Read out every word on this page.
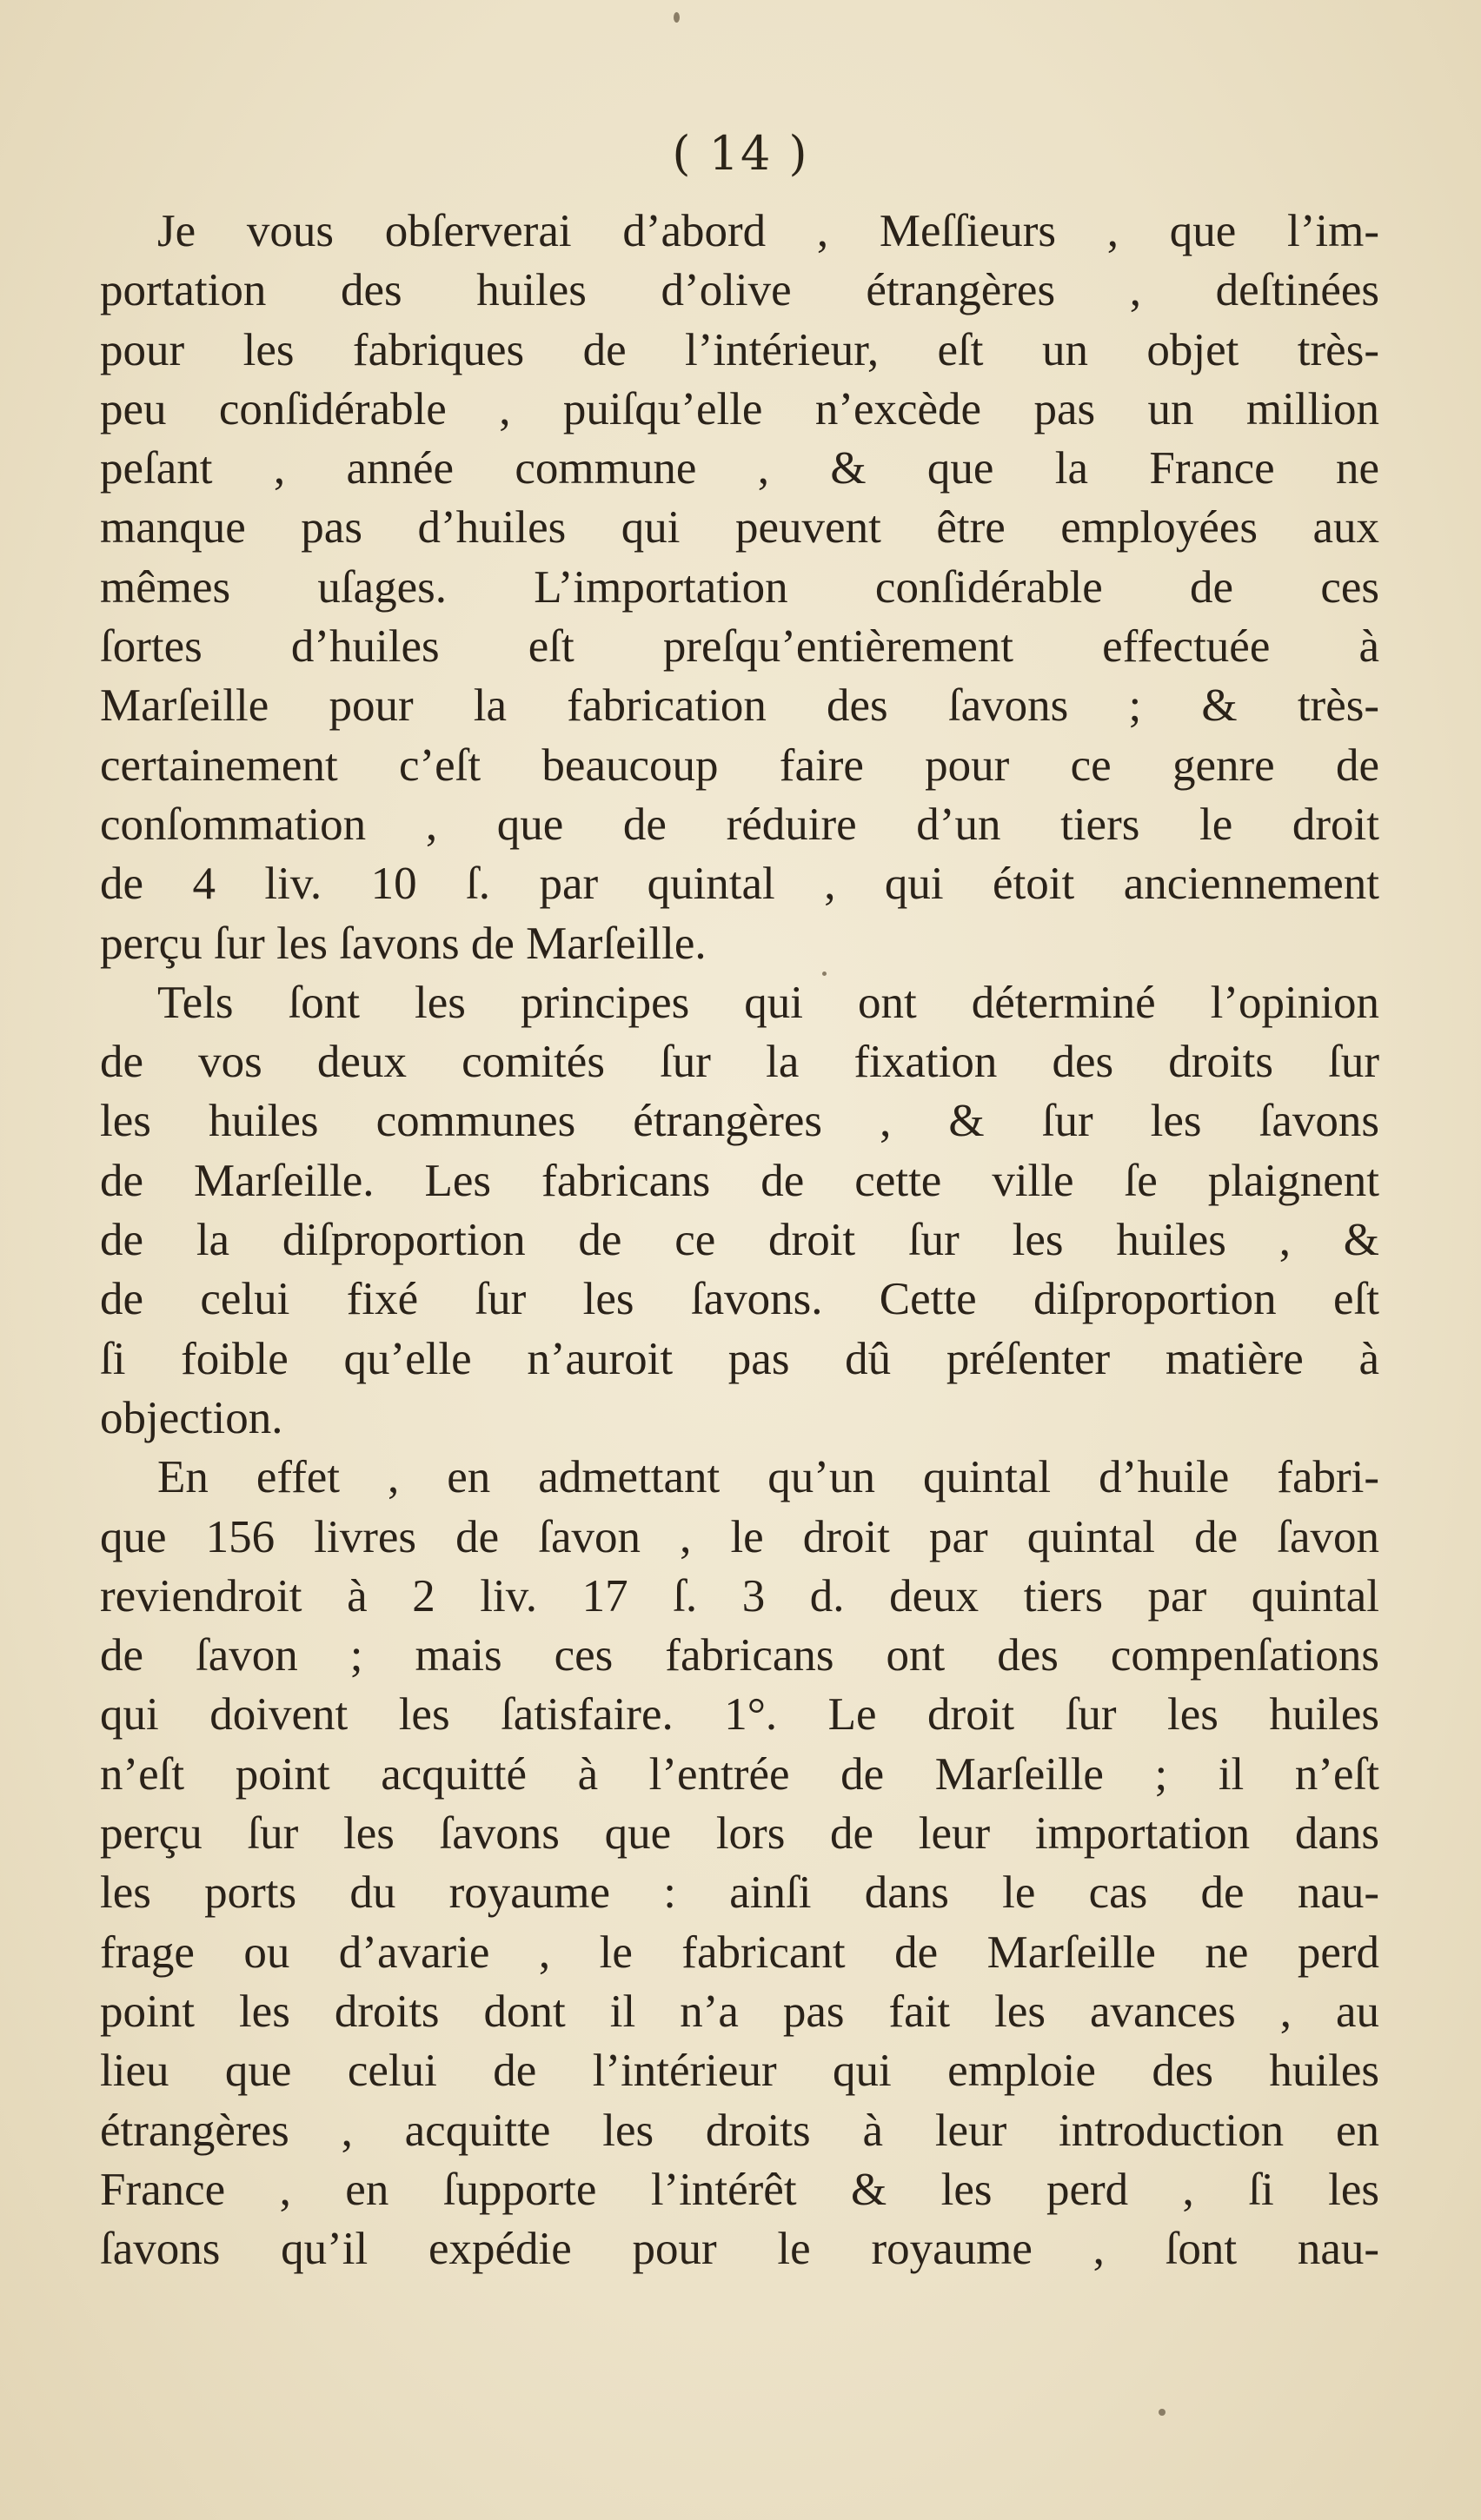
( 14 )
Je vous obſerverai d’abord , Meſſieurs , que l’im-
portation des huiles d’olive étrangères , deſtinées
pour les fabriques de l’intérieur, eſt un objet très-
peu conſidérable , puiſqu’elle n’excède pas un million
peſant , année commune , & que la France ne
manque pas d’huiles qui peuvent être employées aux
mêmes uſages. L’importation conſidérable de ces
ſortes d’huiles eſt preſqu’entièrement effectuée à
Marſeille pour la fabrication des ſavons ; & très-
certainement c’eſt beaucoup faire pour ce genre de
conſommation , que de réduire d’un tiers le droit
de 4 liv. 10 ſ. par quintal , qui étoit anciennement
perçu ſur les ſavons de Marſeille.
Tels ſont les principes qui ont déterminé l’opinion
de vos deux comités ſur la fixation des droits ſur
les huiles communes étrangères , & ſur les ſavons
de Marſeille. Les fabricans de cette ville ſe plaignent
de la diſproportion de ce droit ſur les huiles , &
de celui fixé ſur les ſavons. Cette diſproportion eſt
ſi foible qu’elle n’auroit pas dû préſenter matière à
objection.
En effet , en admettant qu’un quintal d’huile fabri-
que 156 livres de ſavon , le droit par quintal de ſavon
reviendroit à 2 liv. 17 ſ. 3 d. deux tiers par quintal
de ſavon ; mais ces fabricans ont des compenſations
qui doivent les ſatisfaire. 1°. Le droit ſur les huiles
n’eſt point acquitté à l’entrée de Marſeille ; il n’eſt
perçu ſur les ſavons que lors de leur importation dans
les ports du royaume : ainſi dans le cas de nau-
frage ou d’avarie , le fabricant de Marſeille ne perd
point les droits dont il n’a pas fait les avances , au
lieu que celui de l’intérieur qui emploie des huiles
étrangères , acquitte les droits à leur introduction en
France , en ſupporte l’intérêt & les perd , ſi les
ſavons qu’il expédie pour le royaume , ſont nau-
